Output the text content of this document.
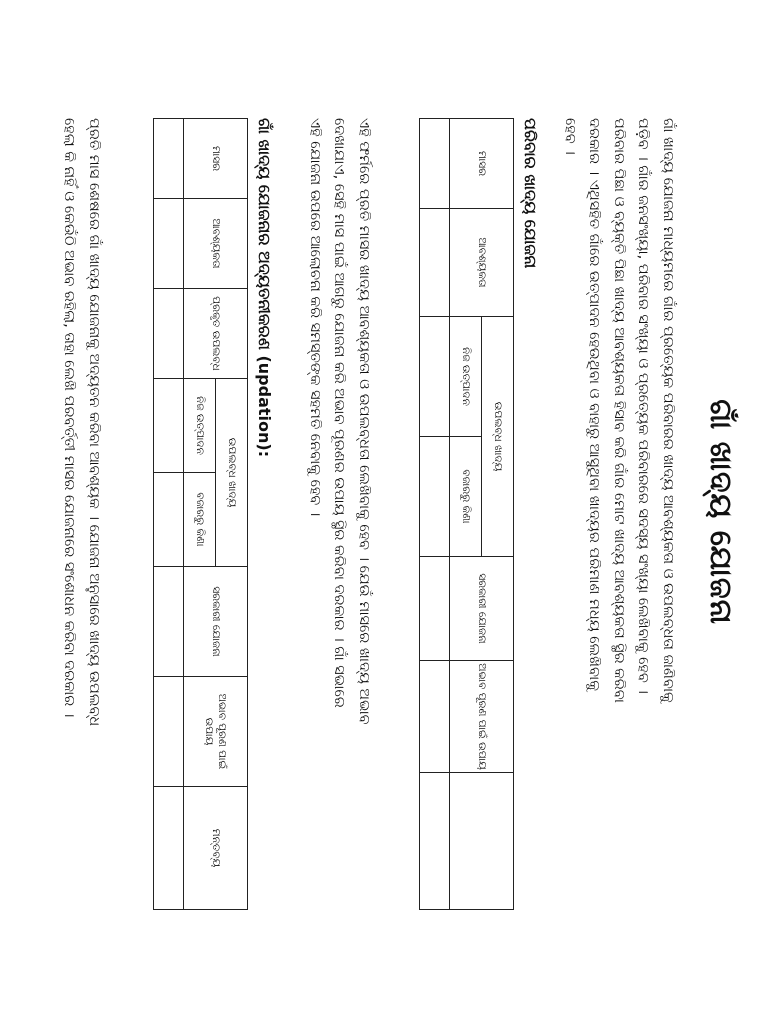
ଗାଁ ଖାଦ୍ୟ ଯୋଜନା

ଗାଁ ଖାଦ୍ୟ ଯୋଜନା ମାଧ୍ୟମରେ ଗାଁର ପ୍ରତ୍ୟେକ ପରିବାରର ଖାଦ୍ୟ ଆବଶ୍ୟକତା ଓ ଉପଲବ୍ଧତା ଜାଣିବାକୁ

ପଡ଼ିବ । ଗାଁର ଜନସଂଖ୍ୟା, ପରିବାର ସଂଖ୍ୟା ଓ ପ୍ରତ୍ୟେକ ପରିବାରରେ ସଦସ୍ୟ ସଂଖ୍ୟା ଲେଖିବାକୁ ହେବ ।

ପରିବାର ପିଛା ଓ ବ୍ୟକ୍ତି ପିଛା ଖାଦ୍ୟ ଆବଶ୍ୟକତା ହିସାବ କରି ଗାଁର ମୋଟ ଖାଦ୍ୟ ଆବଶ୍ୟକତା ସ୍ଥିର କରିବା

ଦରକାର । ଏଥିସହିତ ଗାଁରେ ଉତ୍ପାଦନ ହେଉଥିବା ଓ ବାହାରୁ ଆସୁଥିବା ଖାଦ୍ୟର ପରିମାଣ ମଧ୍ୟ ଲେଖିବାକୁ

ହେବ ।

ପରିବାର ଖାଦ୍ୟ ଯୋଜନା
ମାସର	ଆବଶ୍ୟକତା	ଉପଲବ୍ଧ ଖାଦ୍ୟ		ସରକାରୀ ଯୋଜନା	ଅଭାବ ପୂରଣ ପାଇଁ ଉପାୟ	
		ନିଜ ଉତ୍ପାଦନ	ବଜାରରୁ କିଣା			

ଏହି ଫର୍ମରେ ପ୍ରତି ମାସର ଖାଦ୍ୟ ଆବଶ୍ୟକତା ଓ ଉପଲବ୍ଧତା ଲେଖିବାକୁ ହେବ । ଯେଉଁ ମାସରେ ଖାଦ୍ୟ ଅଭାବ

ଦେଖାଯାଏ, ସେହି ମାସ ପାଇଁ ଆଗରୁ ଯୋଜନା କରି ଅଭାବ ପୂରଣର ଉପାୟ ସ୍ଥିର କରିବା ଦରକାର । ଗାଁ ସଭାରେ

ଏହି ଯୋଜନା ଉପରେ ଆଲୋଚନା କରି ସମସ୍ତଙ୍କ ସହମତି ନେବାକୁ ହେବ ।

ଗାଁ ଖାଦ୍ୟ ଯୋଜନାର ଅଦ୍ୟତନୀକରଣ (updation):
ମାସର	ଆବଶ୍ୟକତା	ପ୍ରକୃତ ଉପଲବ୍ଧ	ଉପଲବ୍ଧ ଖାଦ୍ୟ		ସରକାରୀ ଯୋଜନା	ଅଭାବ ପୂରଣ ପାଇଁ ଉପାୟ	ମନ୍ତବ୍ୟ
			ନିଜ ଉତ୍ପାଦନ	ବଜାରରୁ କିଣା			

ପ୍ରତି ମାସ ଶେଷରେ ଗାଁ ଖାଦ୍ୟ ଯୋଜନାକୁ ଅଦ୍ୟତନ କରିବା ଆବଶ୍ୟକ । ଯୋଜନା ଅନୁସାରେ ଖାଦ୍ୟ ଉପଲବ୍ଧ

ହେଲା କି ନାହିଁ ଓ କେଉଁଠି ଅଭାବ ରହିଲା, ତାହା ଲେଖି ପରବର୍ତ୍ତୀ ମାସର ଯୋଜନାରେ ସଂଶୋଧନ କରିବା ଦରକାର ।
